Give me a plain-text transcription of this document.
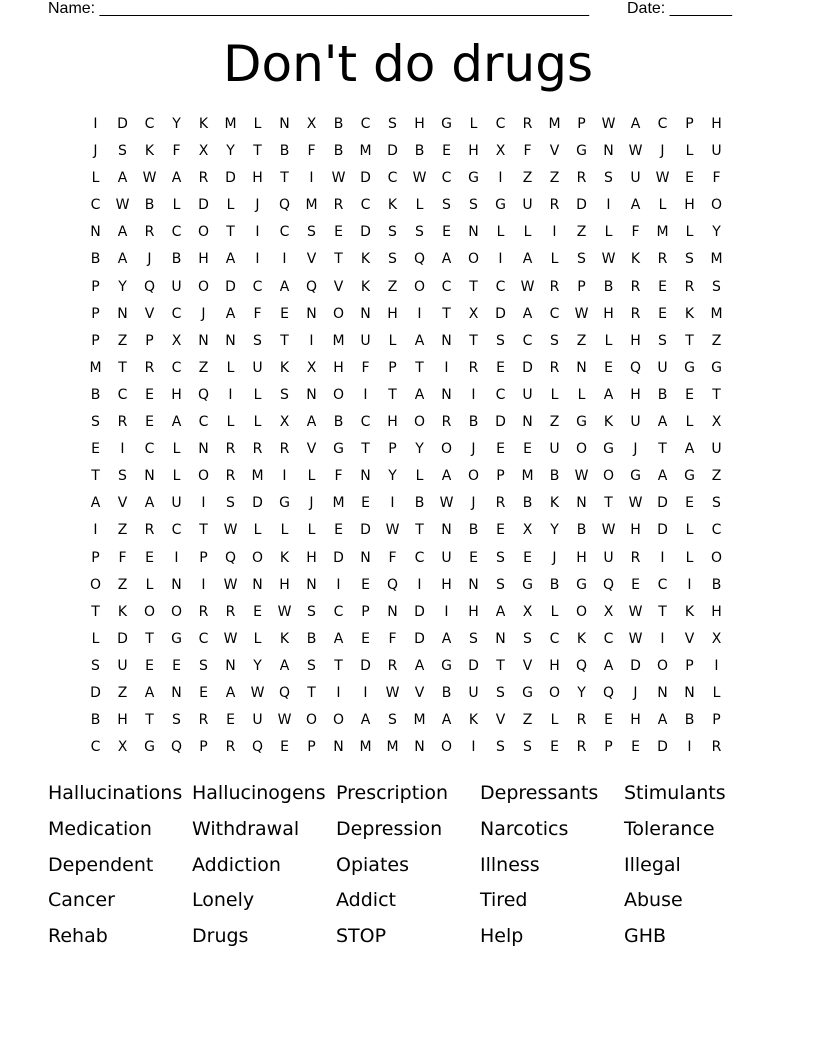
Name: _______________________________________________________ Date: _______
Don't do drugs
I	D	C	Y	K	M	L	N	X	B	C	S	H	G	L	C	R	M	P	W	A	C	P	H
J	S	K	F	X	Y	T	B	F	B	M	D	B	E	H	X	F	V	G	N	W	J	L	U
L	A	W	A	R	D	H	T	I	W	D	C	W	C	G	I	Z	Z	R	S	U	W	E	F
C	W	B	L	D	L	J	Q	M	R	C	K	L	S	S	G	U	R	D	I	A	L	H	O
N	A	R	C	O	T	I	C	S	E	D	S	S	E	N	L	L	I	Z	L	F	M	L	Y
B	A	J	B	H	A	I	I	V	T	K	S	Q	A	O	I	A	L	S	W	K	R	S	M
P	Y	Q	U	O	D	C	A	Q	V	K	Z	O	C	T	C	W	R	P	B	R	E	R	S
P	N	V	C	J	A	F	E	N	O	N	H	I	T	X	D	A	C	W	H	R	E	K	M
P	Z	P	X	N	N	S	T	I	M	U	L	A	N	T	S	C	S	Z	L	H	S	T	Z
M	T	R	C	Z	L	U	K	X	H	F	P	T	I	R	E	D	R	N	E	Q	U	G	G
B	C	E	H	Q	I	L	S	N	O	I	T	A	N	I	C	U	L	L	A	H	B	E	T
S	R	E	A	C	L	L	X	A	B	C	H	O	R	B	D	N	Z	G	K	U	A	L	X
E	I	C	L	N	R	R	R	V	G	T	P	Y	O	J	E	E	U	O	G	J	T	A	U
T	S	N	L	O	R	M	I	L	F	N	Y	L	A	O	P	M	B	W	O	G	A	G	Z
A	V	A	U	I	S	D	G	J	M	E	I	B	W	J	R	B	K	N	T	W	D	E	S
I	Z	R	C	T	W	L	L	L	E	D	W	T	N	B	E	X	Y	B	W	H	D	L	C
P	F	E	I	P	Q	O	K	H	D	N	F	C	U	E	S	E	J	H	U	R	I	L	O
O	Z	L	N	I	W	N	H	N	I	E	Q	I	H	N	S	G	B	G	Q	E	C	I	B
T	K	O	O	R	R	E	W	S	C	P	N	D	I	H	A	X	L	O	X	W	T	K	H
L	D	T	G	C	W	L	K	B	A	E	F	D	A	S	N	S	C	K	C	W	I	V	X
S	U	E	E	S	N	Y	A	S	T	D	R	A	G	D	T	V	H	Q	A	D	O	P	I
D	Z	A	N	E	A	W	Q	T	I	I	W	V	B	U	S	G	O	Y	Q	J	N	N	L
B	H	T	S	R	E	U	W	O	O	A	S	M	A	K	V	Z	L	R	E	H	A	B	P
C	X	G	Q	P	R	Q	E	P	N	M	M	N	O	I	S	S	E	R	P	E	D	I	R
Hallucinations Hallucinogens Prescription Depressants Stimulants
Medication Withdrawal Depression Narcotics	Tolerance
Dependent Addiction	Opiates	Illness	Illegal
Cancer	Lonely	Addict	Tired	Abuse
Rehab	Drugs	STOP	Help	GHB
